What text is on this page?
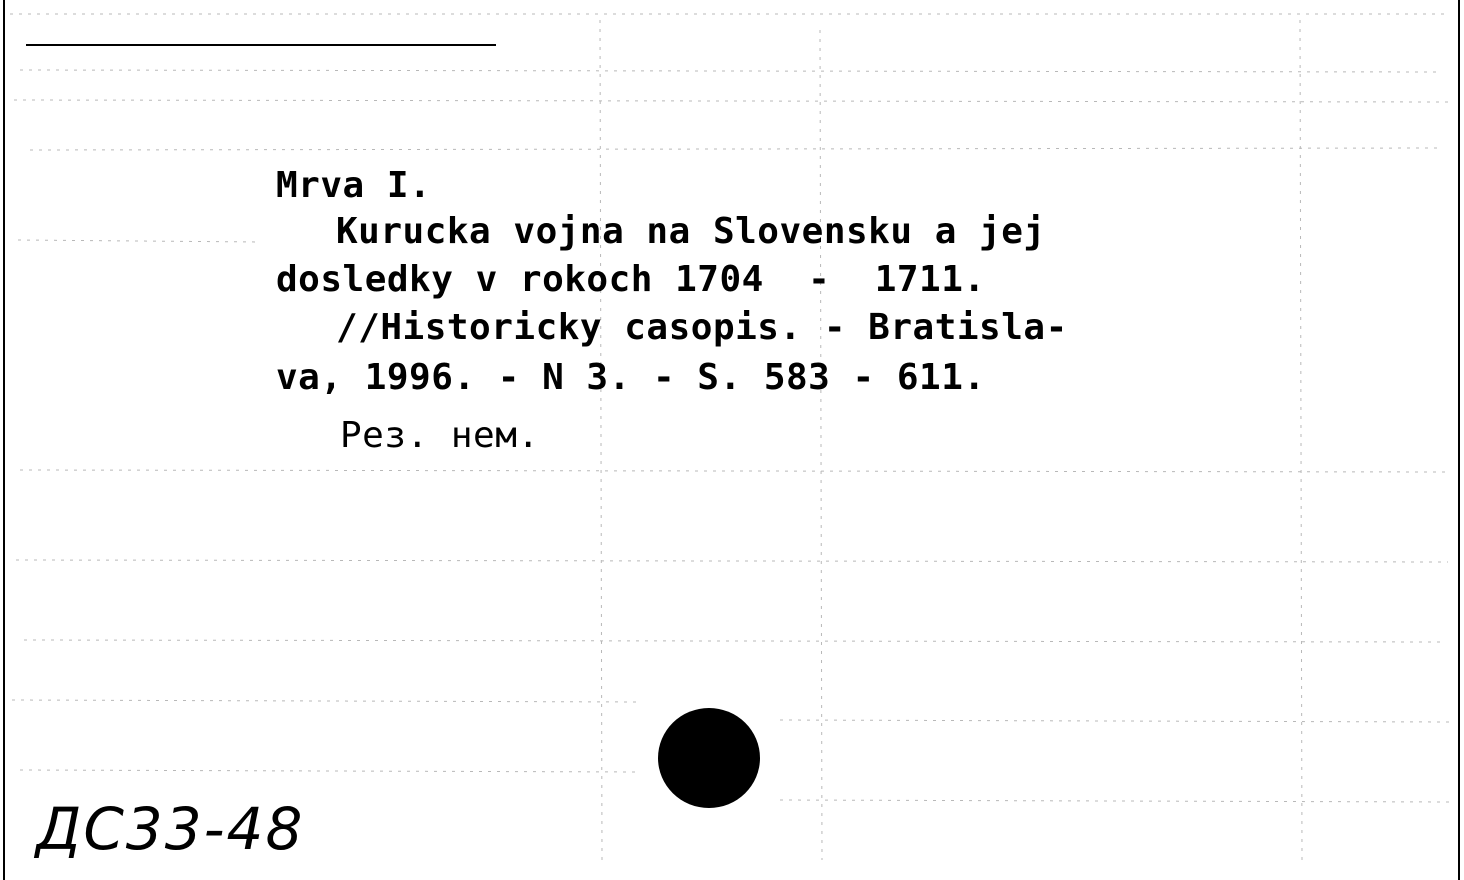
Mrva I.
Kurucka vojna na Slovensku a jej
dosledky v rokoch 1704  -  1711.
//Historicky casopis. - Bratisla-
va, 1996. - N 3. - S. 583 - 611.
Рез. нем.
ДС33-48
